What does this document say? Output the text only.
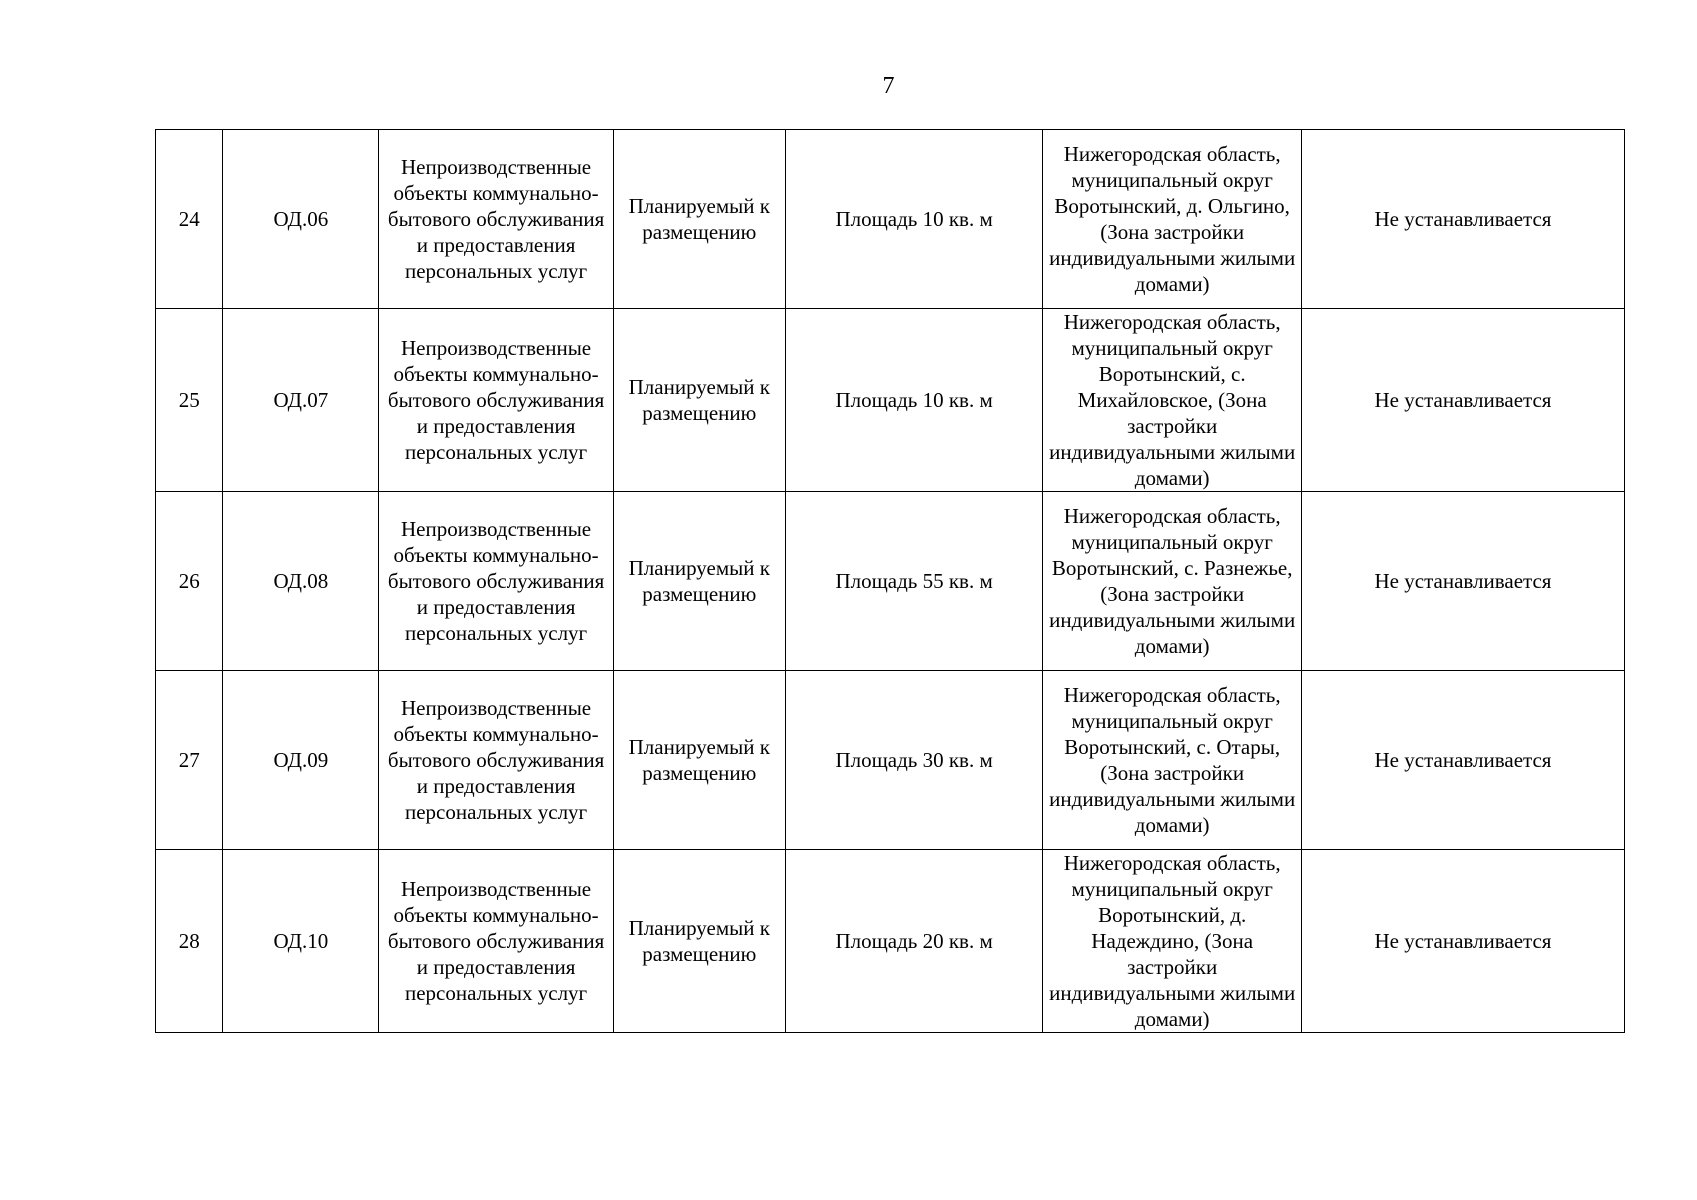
7
24	ОД.06	Непроизводственные объекты коммунально-бытового обслуживания и предоставления персональных услуг	Планируемый к размещению	Площадь 10 кв. м	Нижегородская область, муниципальный округ Воротынский, д. Ольгино, (Зона застройки индивидуальными жилыми домами)	Не устанавливается
25	ОД.07	Непроизводственные объекты коммунально-бытового обслуживания и предоставления персональных услуг	Планируемый к размещению	Площадь 10 кв. м	Нижегородская область, муниципальный округ Воротынский, с. Михайловское, (Зона застройки индивидуальными жилыми домами)	Не устанавливается
26	ОД.08	Непроизводственные объекты коммунально-бытового обслуживания и предоставления персональных услуг	Планируемый к размещению	Площадь 55 кв. м	Нижегородская область, муниципальный округ Воротынский, с. Разнежье, (Зона застройки индивидуальными жилыми домами)	Не устанавливается
27	ОД.09	Непроизводственные объекты коммунально-бытового обслуживания и предоставления персональных услуг	Планируемый к размещению	Площадь 30 кв. м	Нижегородская область, муниципальный округ Воротынский, с. Отары, (Зона застройки индивидуальными жилыми домами)	Не устанавливается
28	ОД.10	Непроизводственные объекты коммунально-бытового обслуживания и предоставления персональных услуг	Планируемый к размещению	Площадь 20 кв. м	Нижегородская область, муниципальный округ Воротынский, д. Надеждино, (Зона застройки индивидуальными жилыми домами)	Не устанавливается
